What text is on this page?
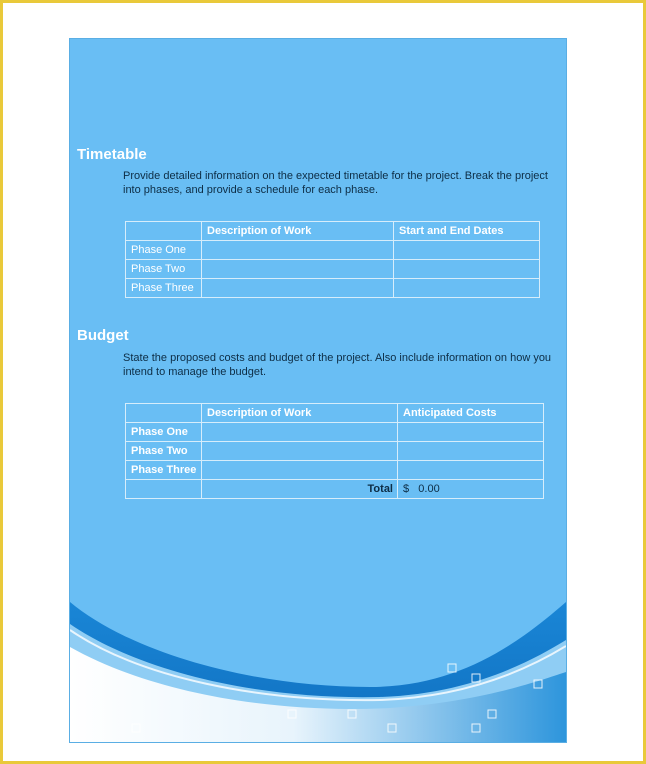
Timetable
Provide detailed information on the expected timetable for the project. Break the project into phases, and provide a schedule for each phase.
	Description of Work	Start and End Dates
Phase One		
Phase Two		
Phase Three		
Budget
State the proposed costs and budget of the project. Also include information on how you intend to manage the budget.
	Description of Work	Anticipated Costs
Phase One		
Phase Two		
Phase Three		
	Total	$ 0.00
